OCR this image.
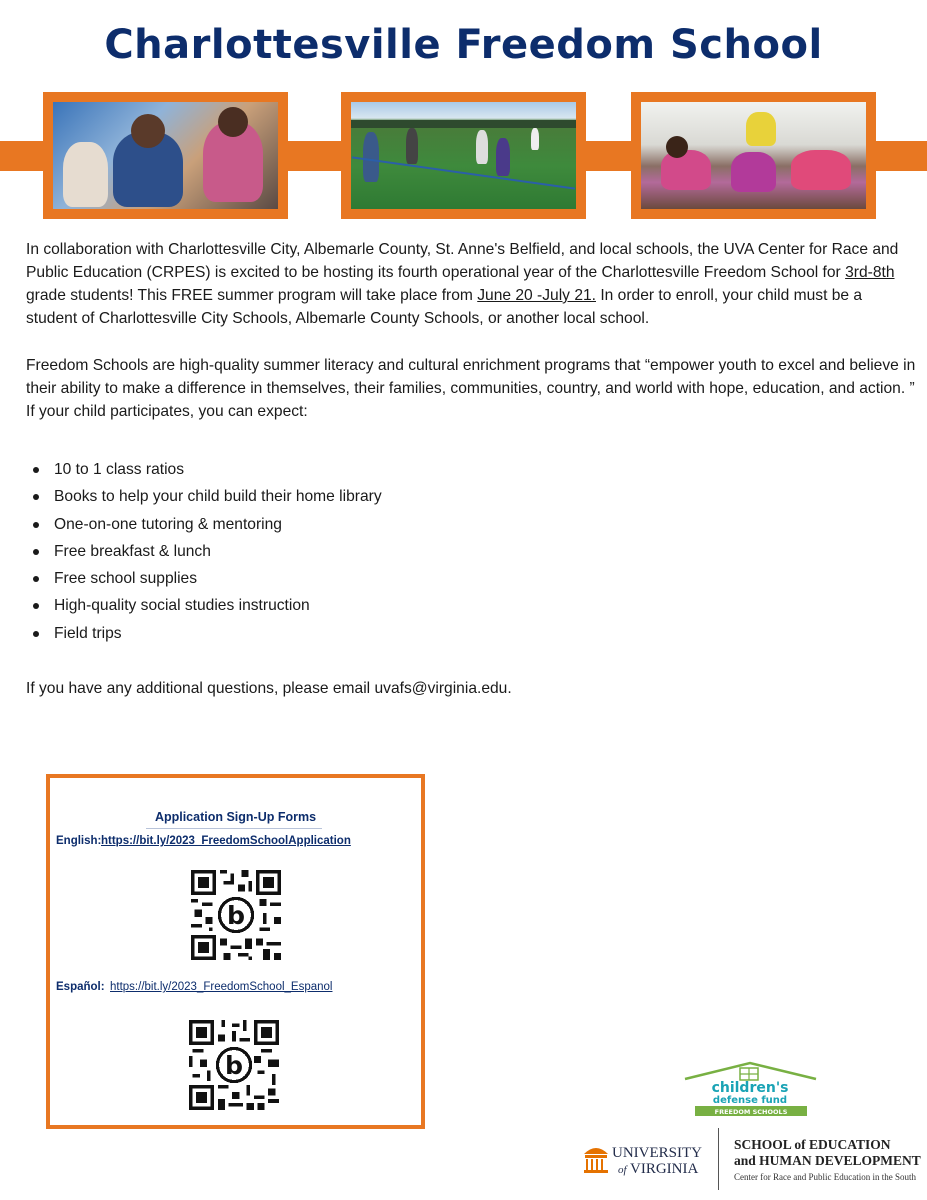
Charlottesville Freedom School
In collaboration with Charlottesville City, Albemarle County, St. Anne's Belfield, and local schools, the UVA Center for Race and Public Education (CRPES) is excited to be hosting its fourth operational year of the Charlottesville Freedom School for 3rd-8th grade students! This FREE summer program will take place from June 20 -July 21. In order to enroll, your child must be a student of Charlottesville City Schools, Albemarle County Schools, or another local school.
Freedom Schools are high-quality summer literacy and cultural enrichment programs that “empower youth to excel and believe in their ability to make a difference in themselves, their families, communities, country, and world with hope, education, and action. ” If your child participates, you can expect:
10 to 1 class ratios
Books to help your child build their home library
One-on-one tutoring & mentoring
Free breakfast & lunch
Free school supplies
High-quality social studies instruction
Field trips
If you have any additional questions, please email uvafs@virginia.edu.
Application Sign-Up Forms
English: https://bit.ly/2023_FreedomSchoolApplication
b
Español: https://bit.ly/2023_FreedomSchool_Espanol
b
children's
defense fund
FREEDOM SCHOOLS
UNIVERSITY
of VIRGINIA
SCHOOL of EDUCATION
and HUMAN DEVELOPMENT
Center for Race and Public Education in the South
